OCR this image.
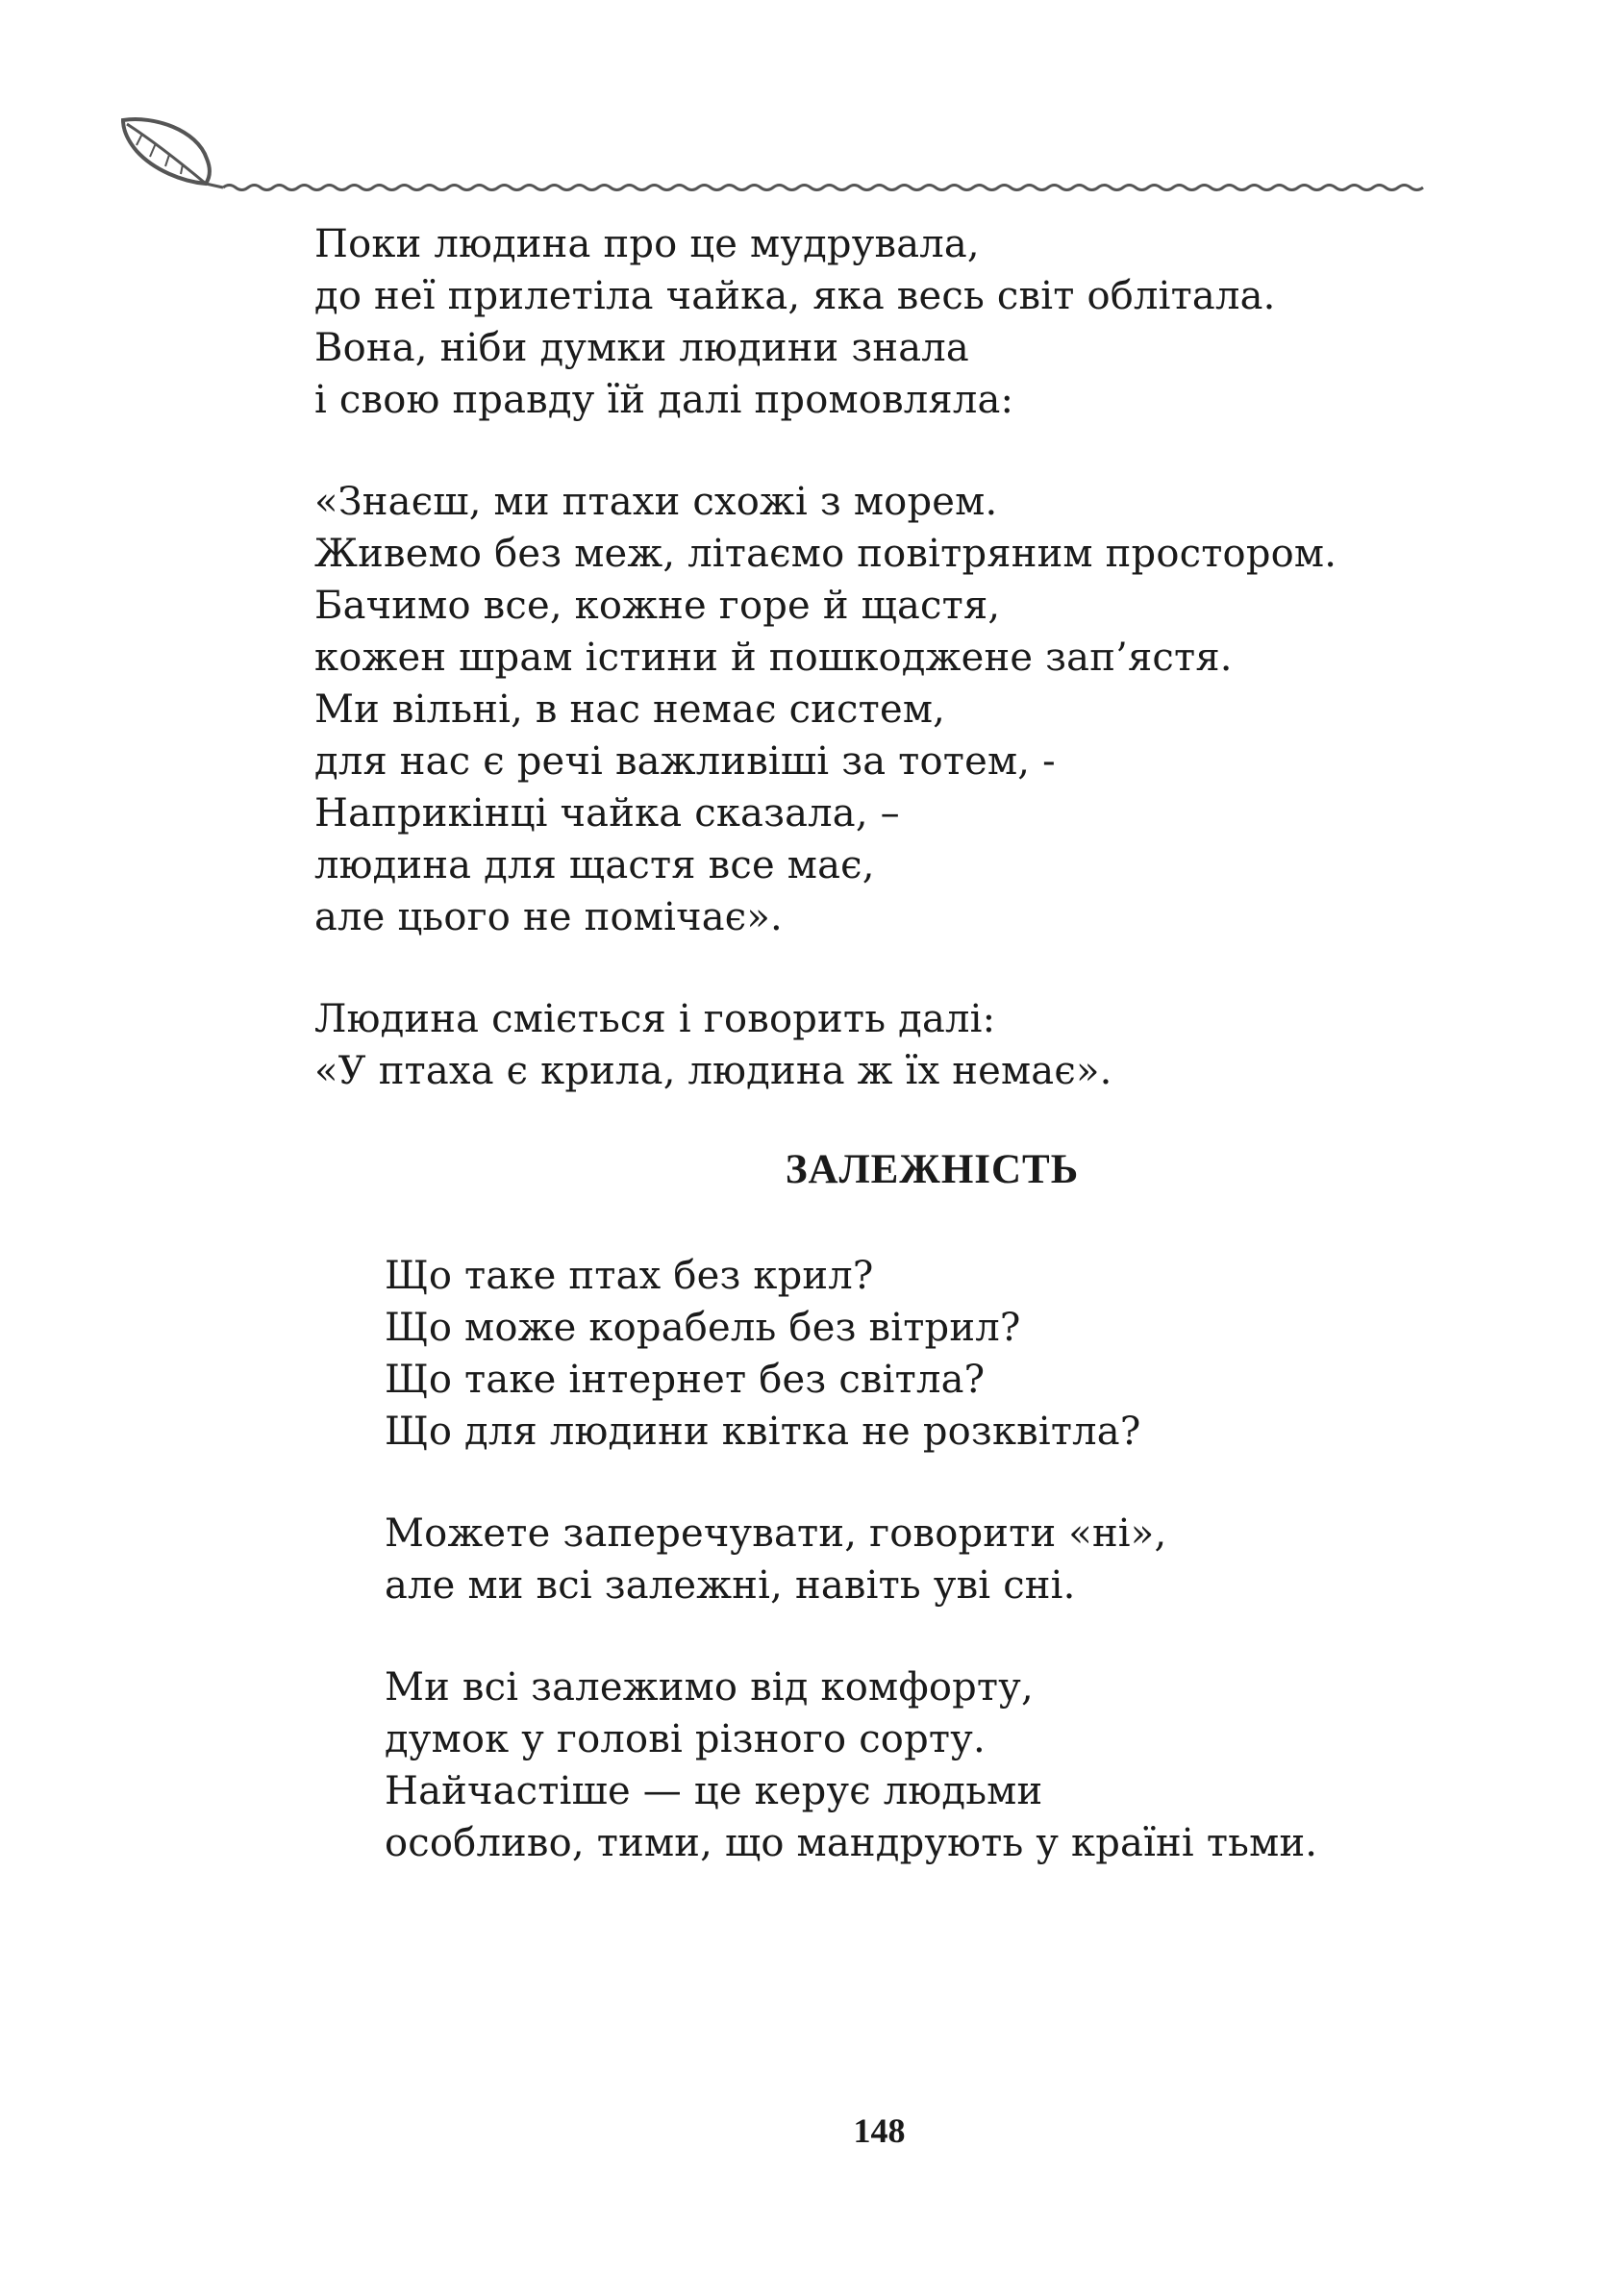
Поки людина про це мудрувала,
до неї прилетіла чайка, яка весь світ облітала.
Вона, ніби думки людини знала
і свою правду їй далі промовляла:
«Знаєш, ми птахи схожі з морем.
Живемо без меж, літаємо повітряним простором.
Бачимо все, кожне горе й щастя,
кожен шрам істини й пошкоджене зап’ястя.
Ми вільні, в нас немає систем,
для нас є речі важливіші за тотем, -
Наприкінці чайка сказала, –
людина для щастя все має,
але цього не помічає».
Людина сміється і говорить далі:
«У птаха є крила, людина ж їх немає».
ЗАЛЕЖНІСТЬ
Що таке птах без крил?
Що може корабель без вітрил?
Що таке інтернет без світла?
Що для людини квітка не розквітла?
Можете заперечувати, говорити «ні»,
але ми всі залежні, навіть уві сні.
Ми всі залежимо від комфорту,
думок у голові різного сорту.
Найчастіше — це керує людьми
особливо, тими, що мандрують у країні тьми.
148
